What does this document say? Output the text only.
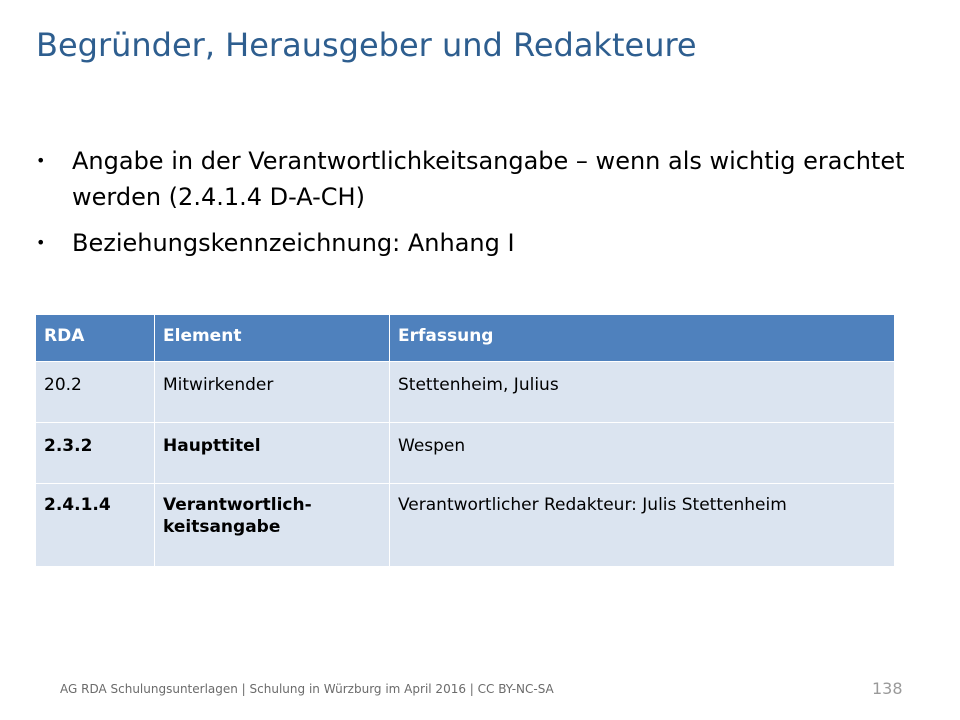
Begründer, Herausgeber und Redakteure
• Angabe in der Verantwortlichkeitsangabe – wenn als wichtig erachtet werden (2.4.1.4 D-A-CH)
• Beziehungskennzeichnung: Anhang I
RDA	Element	Erfassung
20.2	Mitwirkender	Stettenheim, Julius
2.3.2	Haupttitel	Wespen
2.4.1.4	Verantwortlich-keitsangabe	Verantwortlicher Redakteur: Julis Stettenheim
AG RDA Schulungsunterlagen | Schulung in Würzburg im April 2016 | CC BY-NC-SA	138
